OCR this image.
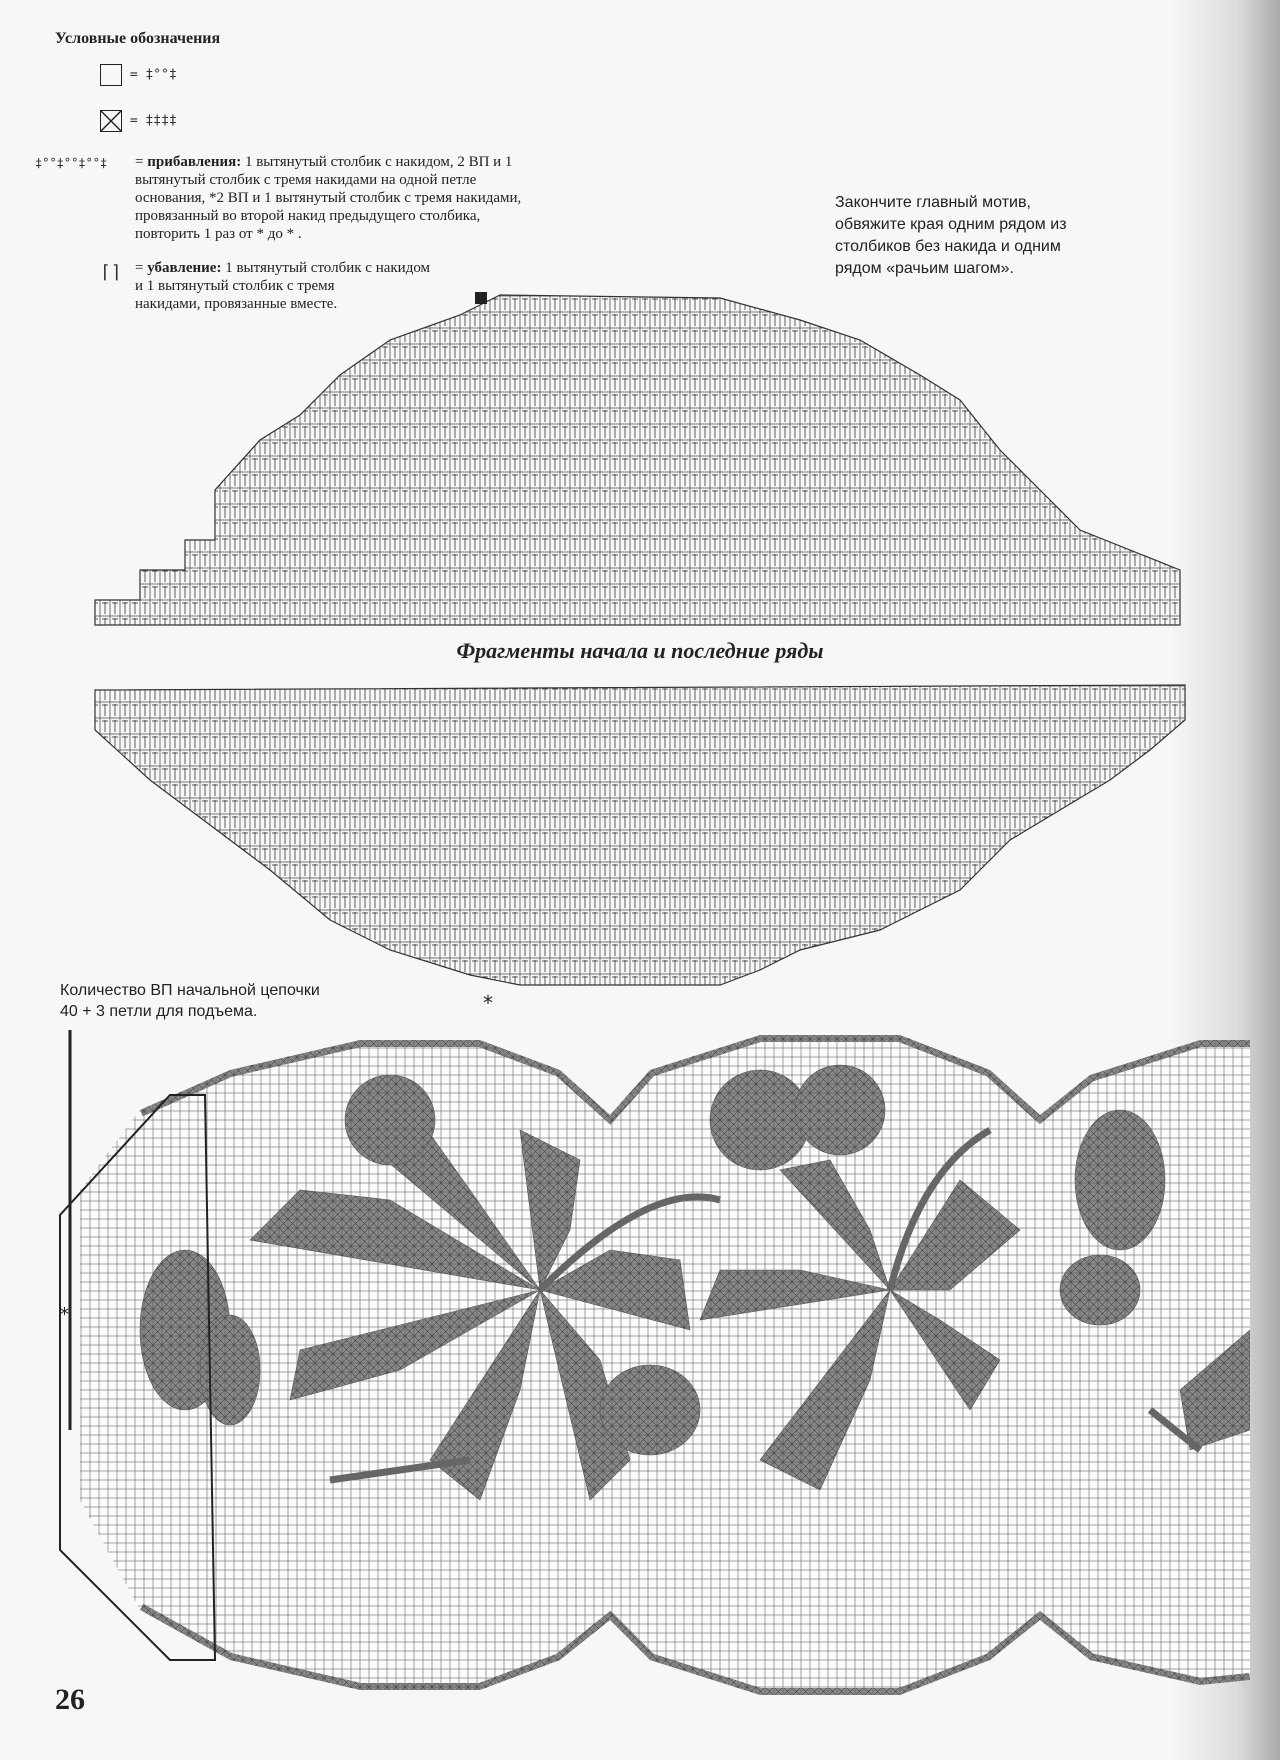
Условные обозначения
= ‡°°‡
= ‡‡‡‡
‡°°‡°°‡°°‡ = прибавления: 1 вытянутый столбик с накидом, 2 ВП и 1
вытянутый столбик с тремя накидами на одной петле
основания, *2 ВП и 1 вытянутый столбик с тремя накидами,
провязанный во второй накид предыдущего столбика,
повторить 1 раз от * до * .
⌈⌉ = убавление: 1 вытянутый столбик с накидом
и 1 вытянутый столбик с тремя
накидами, провязанные вместе.
Закончите главный мотив,
обвяжите края одним рядом из
столбиков без накида и одним
рядом «рачьим шагом».
Фрагменты начала и последние ряды
*
Количество ВП начальной цепочки
40 + 3 петли для подъема.
*
26
